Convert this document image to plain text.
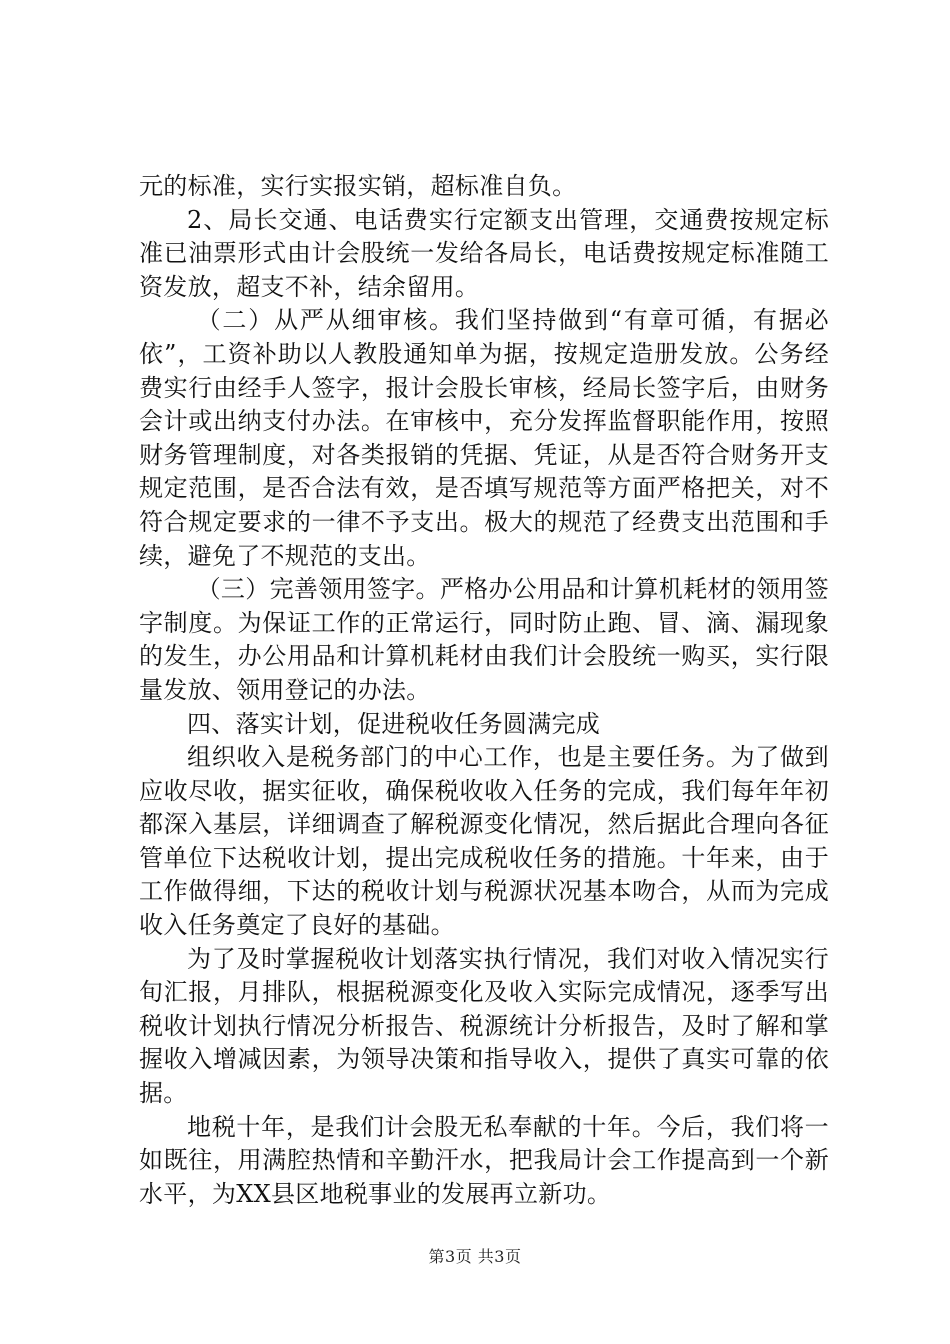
元的标准，实行实报实销，超标准自负。

2、局长交通、电话费实行定额支出管理，交通费按规定标准已油票形式由计会股统一发给各局长，电话费按规定标准随工资发放，超支不补，结余留用。

（二）从严从细审核。我们坚持做到“有章可循，有据必依”，工资补助以人教股通知单为据，按规定造册发放。公务经费实行由经手人签字，报计会股长审核，经局长签字后，由财务会计或出纳支付办法。在审核中，充分发挥监督职能作用，按照财务管理制度，对各类报销的凭据、凭证，从是否符合财务开支规定范围，是否合法有效，是否填写规范等方面严格把关，对不符合规定要求的一律不予支出。极大的规范了经费支出范围和手续，避免了不规范的支出。

（三）完善领用签字。严格办公用品和计算机耗材的领用签字制度。为保证工作的正常运行，同时防止跑、冒、滴、漏现象的发生，办公用品和计算机耗材由我们计会股统一购买，实行限量发放、领用登记的办法。

四、落实计划，促进税收任务圆满完成

组织收入是税务部门的中心工作，也是主要任务。为了做到应收尽收，据实征收，确保税收收入任务的完成，我们每年年初都深入基层，详细调查了解税源变化情况，然后据此合理向各征管单位下达税收计划，提出完成税收任务的措施。十年来，由于工作做得细，下达的税收计划与税源状况基本吻合，从而为完成收入任务奠定了良好的基础。

为了及时掌握税收计划落实执行情况，我们对收入情况实行旬汇报，月排队，根据税源变化及收入实际完成情况，逐季写出税收计划执行情况分析报告、税源统计分析报告，及时了解和掌握收入增减因素，为领导决策和指导收入，提供了真实可靠的依据。

地税十年，是我们计会股无私奉献的十年。今后，我们将一如既往，用满腔热情和辛勤汗水，把我局计会工作提高到一个新水平，为XX县区地税事业的发展再立新功。

第3页 共3页
